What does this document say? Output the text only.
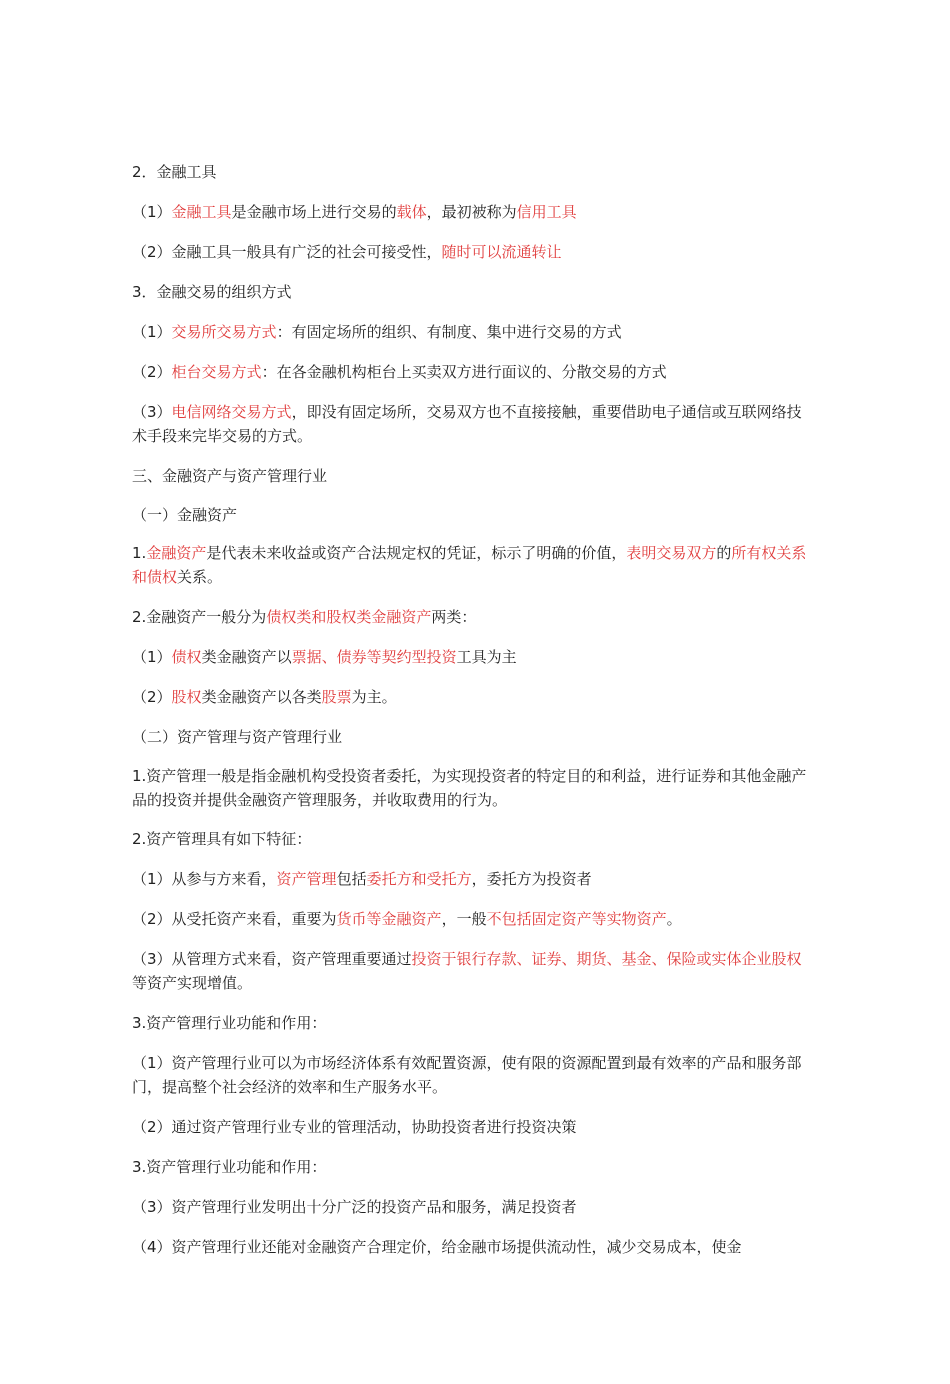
2．金融工具

（1）金融工具是金融市场上进行交易的载体，最初被称为信用工具

（2）金融工具一般具有广泛的社会可接受性，随时可以流通转让

3．金融交易的组织方式

（1）交易所交易方式：有固定场所的组织、有制度、集中进行交易的方式

（2）柜台交易方式：在各金融机构柜台上买卖双方进行面议的、分散交易的方式

（3）电信网络交易方式，即没有固定场所，交易双方也不直接接触，重要借助电子通信或互联网络技术手段来完毕交易的方式。

三、金融资产与资产管理行业

（一）金融资产

1.金融资产是代表未来收益或资产合法规定权的凭证，标示了明确的价值，表明交易双方的所有权关系和债权关系。

2.金融资产一般分为债权类和股权类金融资产两类：

（1）债权类金融资产以票据、债券等契约型投资工具为主

（2）股权类金融资产以各类股票为主。

（二）资产管理与资产管理行业

1.资产管理一般是指金融机构受投资者委托，为实现投资者的特定目的和利益，进行证券和其他金融产品的投资并提供金融资产管理服务，并收取费用的行为。

2.资产管理具有如下特征：

（1）从参与方来看，资产管理包括委托方和受托方，委托方为投资者

（2）从受托资产来看，重要为货币等金融资产，一般不包括固定资产等实物资产。

（3）从管理方式来看，资产管理重要通过投资于银行存款、证券、期货、基金、保险或实体企业股权等资产实现增值。

3.资产管理行业功能和作用：

（1）资产管理行业可以为市场经济体系有效配置资源，使有限的资源配置到最有效率的产品和服务部门，提高整个社会经济的效率和生产服务水平。

（2）通过资产管理行业专业的管理活动，协助投资者进行投资决策

3.资产管理行业功能和作用：

（3）资产管理行业发明出十分广泛的投资产品和服务，满足投资者

（4）资产管理行业还能对金融资产合理定价，给金融市场提供流动性，减少交易成本，使金
